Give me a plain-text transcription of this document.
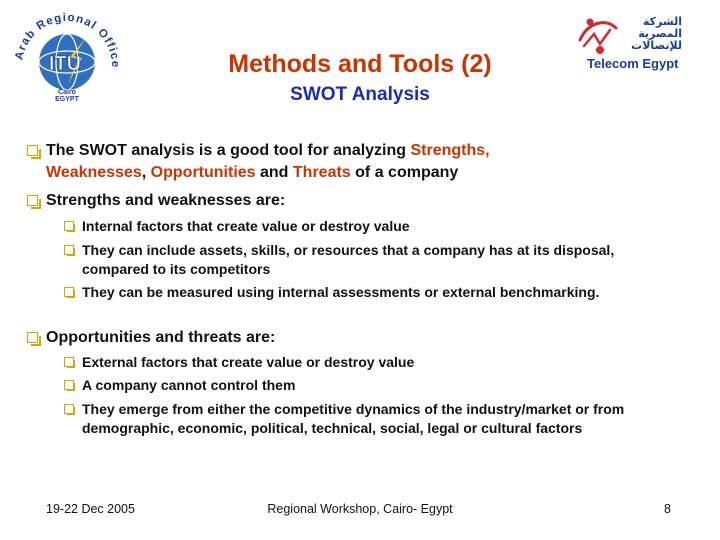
Arab Regional Office
ITU
Cairo
EGYPT
الشركة
المصرية
للإتصالات
Telecom Egypt
Methods and Tools (2)
SWOT Analysis
The SWOT analysis is a good tool for analyzing Strengths,
Weaknesses, Opportunities and Threats of a company
Strengths and weaknesses are:
Internal factors that create value or destroy value
They can include assets, skills, or resources that a company has at its disposal, compared to its competitors
They can be measured using internal assessments or external benchmarking.
Opportunities and threats are:
External factors that create value or destroy value
A company cannot control them
They emerge from either the competitive dynamics of the industry/market or from demographic, economic, political, technical, social, legal or cultural factors
19-22 Dec 2005	Regional Workshop, Cairo- Egypt	8
